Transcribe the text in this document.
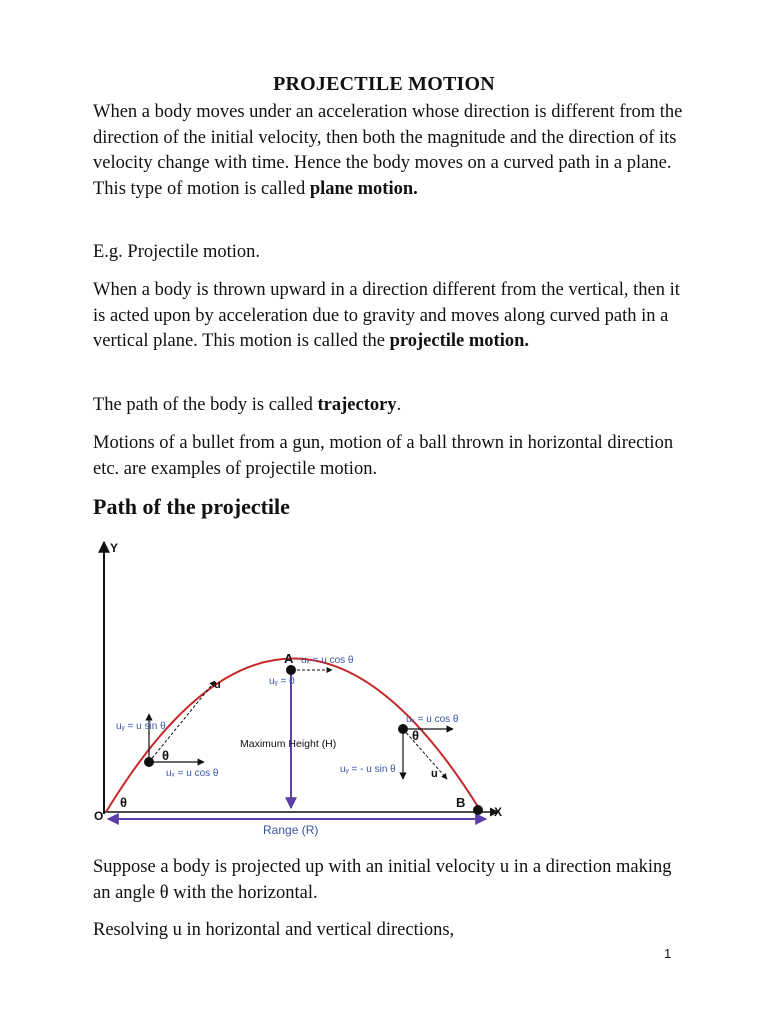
PROJECTILE MOTION

When a body moves under an acceleration whose direction is different from the direction of the initial velocity, then both the magnitude and the direction of its velocity change with time. Hence the body moves on a curved path in a plane. This type of motion is called plane motion.

E.g. Projectile motion.

When a body is thrown upward in a direction different from the vertical, then it is acted upon by acceleration due to gravity and moves along curved path in a vertical plane. This motion is called the projectile motion.

The path of the body is called trajectory.

Motions of a bullet from a gun, motion of a ball thrown in horizontal direction etc. are examples of projectile motion.

Path of the projectile
Y
X
O
Range (R)
Maximum Height (H)
A uₓ = u cos θ
uᵧ = 0
u
uᵧ = u sin θ
θ
uₓ = u cos θ
θ
uₓ = u cos θ
θ
uᵧ = - u sin θ	u
B

Suppose a body is projected up with an initial velocity u in a direction making an angle θ with the horizontal.

Resolving u in horizontal and vertical directions,

1
